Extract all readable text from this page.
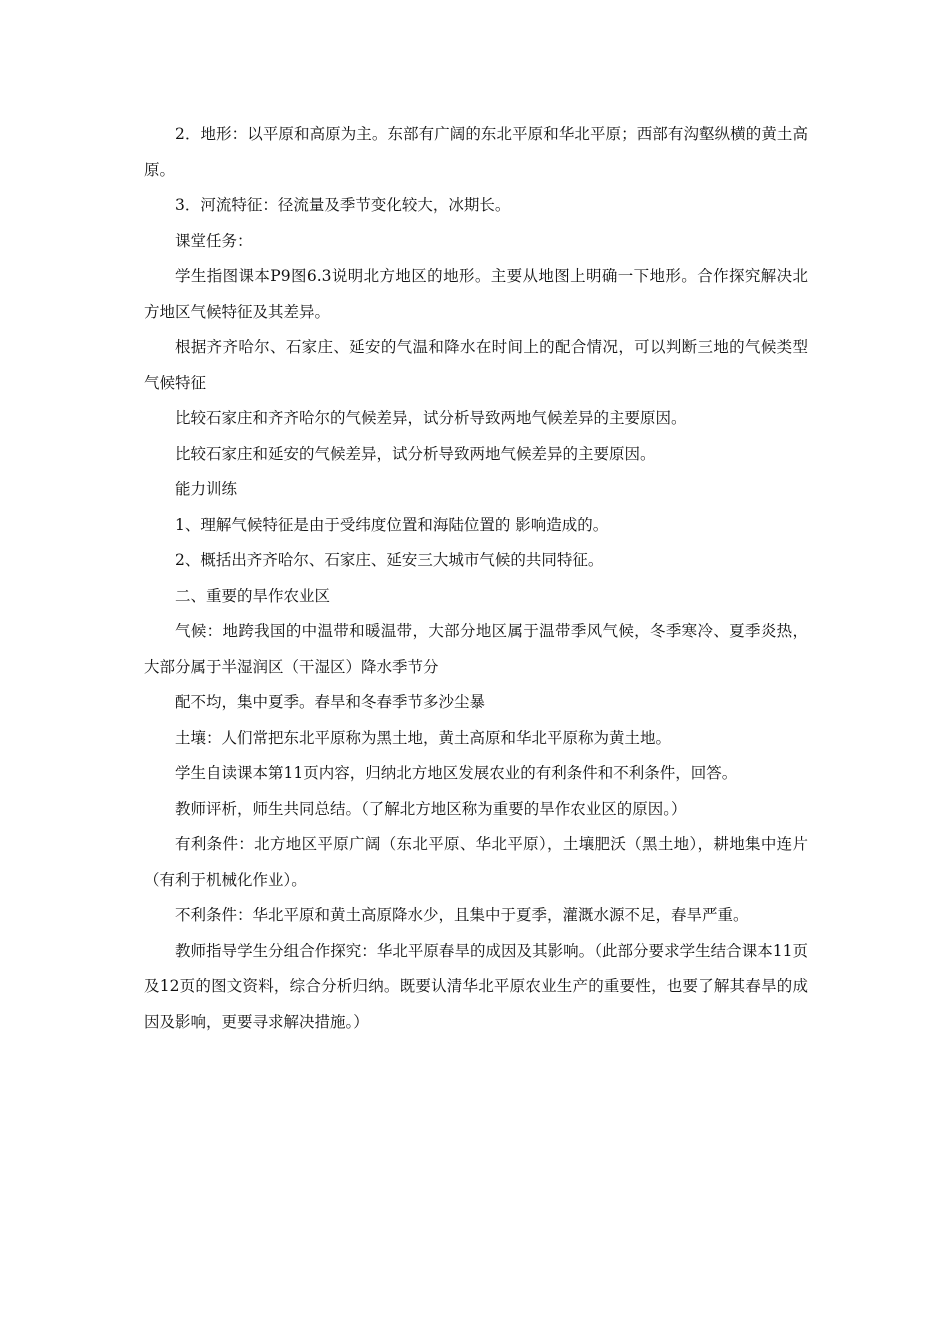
2．地形：以平原和高原为主。东部有广阔的东北平原和华北平原；西部有沟壑纵横的黄土高原。

3．河流特征：径流量及季节变化较大，冰期长。

课堂任务：

学生指图课本P9图6.3说明北方地区的地形。主要从地图上明确一下地形。合作探究解决北方地区气候特征及其差异。

根据齐齐哈尔、石家庄、延安的气温和降水在时间上的配合情况，可以判断三地的气候类型气候特征

比较石家庄和齐齐哈尔的气候差异，试分析导致两地气候差异的主要原因。

比较石家庄和延安的气候差异，试分析导致两地气候差异的主要原因。

能力训练

1、理解气候特征是由于受纬度位置和海陆位置的 影响造成的。

2、概括出齐齐哈尔、石家庄、延安三大城市气候的共同特征。

二、重要的旱作农业区

气候：地跨我国的中温带和暖温带，大部分地区属于温带季风气候，冬季寒冷、夏季炎热，大部分属于半湿润区（干湿区）降水季节分

配不均，集中夏季。春旱和冬春季节多沙尘暴

土壤：人们常把东北平原称为黑土地，黄土高原和华北平原称为黄土地。

学生自读课本第11页内容，归纳北方地区发展农业的有利条件和不利条件，回答。

教师评析，师生共同总结。（了解北方地区称为重要的旱作农业区的原因。）

有利条件：北方地区平原广阔（东北平原、华北平原），土壤肥沃（黑土地），耕地集中连片（有利于机械化作业）。

不利条件：华北平原和黄土高原降水少，且集中于夏季，灌溉水源不足，春旱严重。

教师指导学生分组合作探究：华北平原春旱的成因及其影响。（此部分要求学生结合课本11页及12页的图文资料，综合分析归纳。既要认清华北平原农业生产的重要性，也要了解其春旱的成因及影响，更要寻求解决措施。）
